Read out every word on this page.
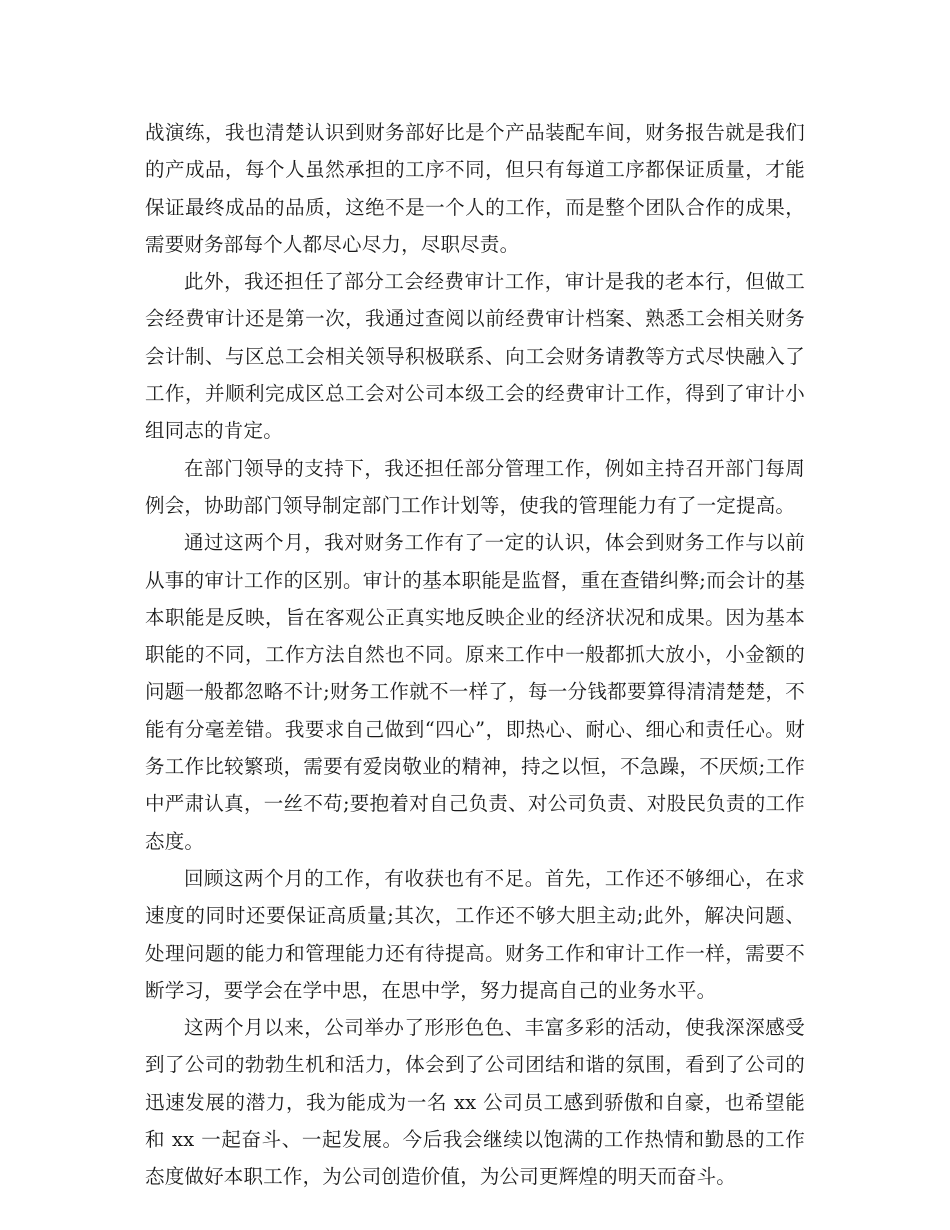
战演练，我也清楚认识到财务部好比是个产品装配车间，财务报告就是我们的产成品，每个人虽然承担的工序不同，但只有每道工序都保证质量，才能保证最终成品的品质，这绝不是一个人的工作，而是整个团队合作的成果，需要财务部每个人都尽心尽力，尽职尽责。

此外，我还担任了部分工会经费审计工作，审计是我的老本行，但做工会经费审计还是第一次，我通过查阅以前经费审计档案、熟悉工会相关财务会计制、与区总工会相关领导积极联系、向工会财务请教等方式尽快融入了工作，并顺利完成区总工会对公司本级工会的经费审计工作，得到了审计小组同志的肯定。

在部门领导的支持下，我还担任部分管理工作，例如主持召开部门每周例会，协助部门领导制定部门工作计划等，使我的管理能力有了一定提高。

通过这两个月，我对财务工作有了一定的认识，体会到财务工作与以前从事的审计工作的区别。审计的基本职能是监督，重在查错纠弊;而会计的基本职能是反映，旨在客观公正真实地反映企业的经济状况和成果。因为基本职能的不同，工作方法自然也不同。原来工作中一般都抓大放小，小金额的问题一般都忽略不计;财务工作就不一样了，每一分钱都要算得清清楚楚，不能有分毫差错。我要求自己做到“四心”，即热心、耐心、细心和责任心。财务工作比较繁琐，需要有爱岗敬业的精神，持之以恒，不急躁，不厌烦;工作中严肃认真，一丝不苟;要抱着对自己负责、对公司负责、对股民负责的工作态度。

回顾这两个月的工作，有收获也有不足。首先，工作还不够细心，在求速度的同时还要保证高质量;其次，工作还不够大胆主动;此外，解决问题、处理问题的能力和管理能力还有待提高。财务工作和审计工作一样，需要不断学习，要学会在学中思，在思中学，努力提高自己的业务水平。

这两个月以来，公司举办了形形色色、丰富多彩的活动，使我深深感受到了公司的勃勃生机和活力，体会到了公司团结和谐的氛围，看到了公司的迅速发展的潜力，我为能成为一名 xx 公司员工感到骄傲和自豪，也希望能和 xx 一起奋斗、一起发展。今后我会继续以饱满的工作热情和勤恳的工作态度做好本职工作，为公司创造价值，为公司更辉煌的明天而奋斗。
